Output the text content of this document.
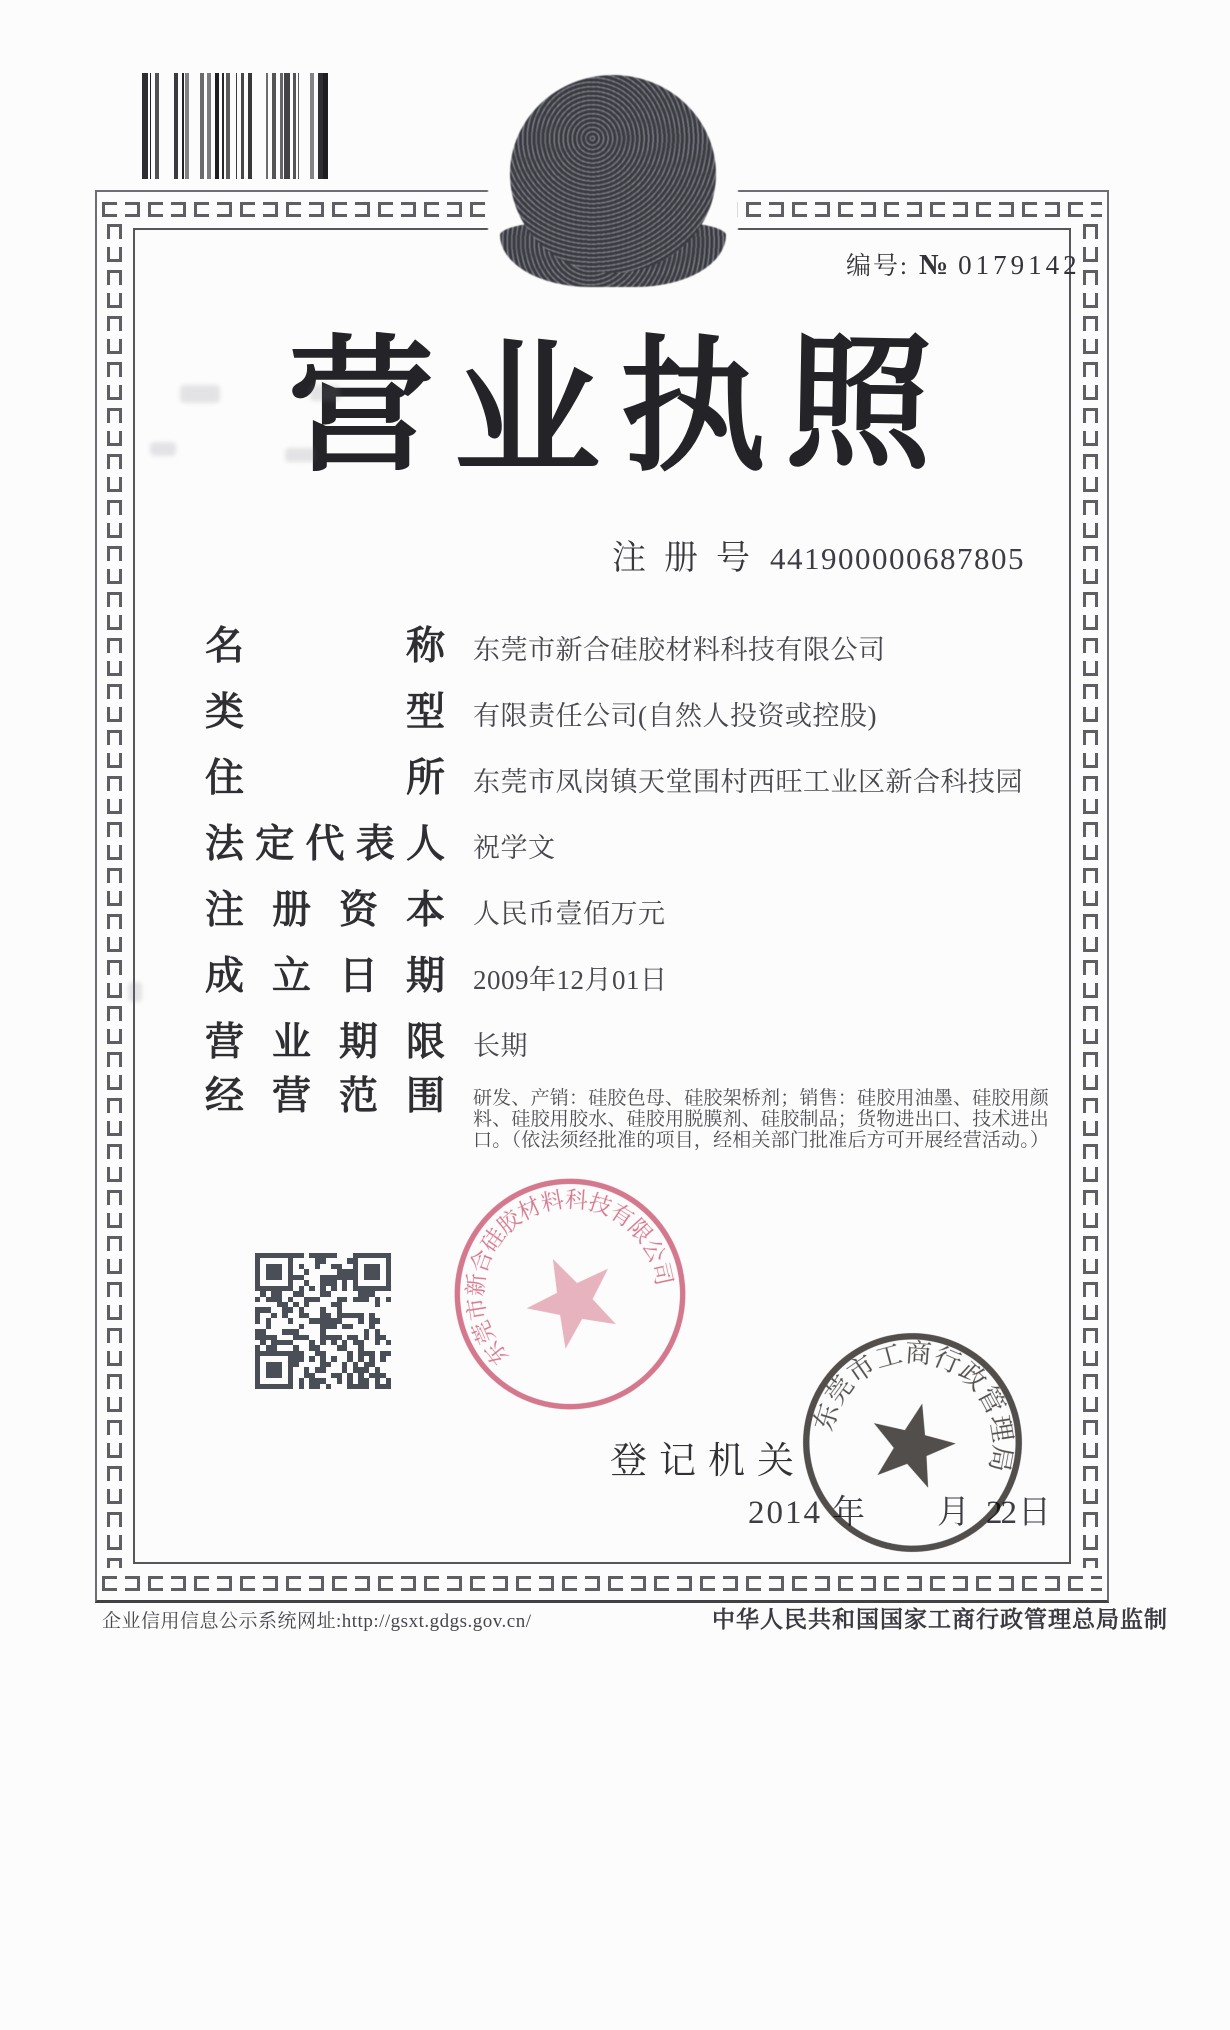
编号: № 0179142
营 业 执 照
注 册 号 441900000687805
名	称 东莞市新合硅胶材料科技有限公司
类	型 有限责任公司(自然人投资或控股)
住	所 东莞市凤岗镇天堂围村西旺工业区新合科技园
法 定 代 表 人 祝学文
注 册 资 本 人民币壹佰万元
成 立 日 期 2009年12月01日
营 业 期 限 长期
经 营 范 围 研发、产销：硅胶色母、硅胶架桥剂；销售：硅胶用油墨、硅胶用颜料、硅胶用胶水、硅胶用脱膜剂、硅胶制品；货物进出口、技术进出口。（依法须经批准的项目，经相关部门批准后方可开展经营活动。）
登 记 机 关
2014 年 月 22 日
东莞市新合硅胶材料科技有限公司
东莞市工商行政管理局
企业信用信息公示系统网址:http://gsxt.gdgs.gov.cn/	中华人民共和国国家工商行政管理总局监制
